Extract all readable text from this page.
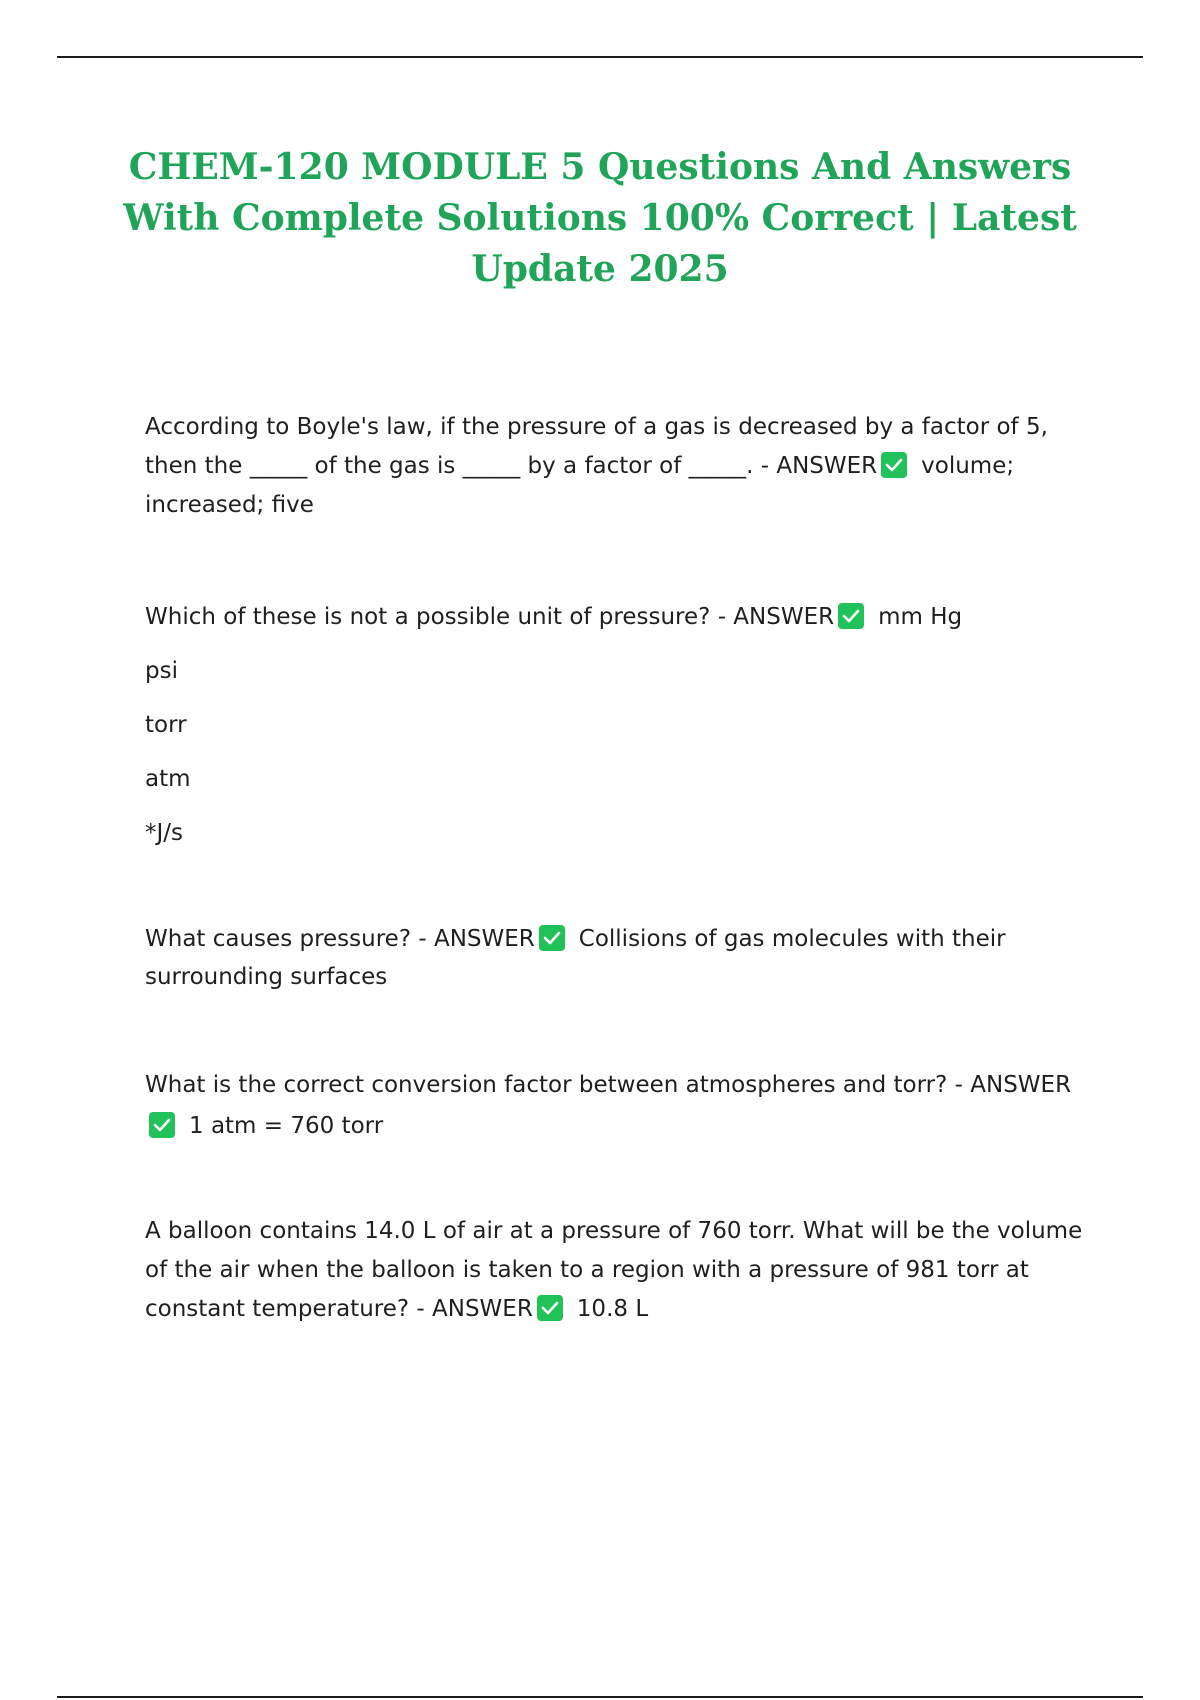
CHEM-120 MODULE 5 Questions And Answers With Complete Solutions 100% Correct | Latest Update 2025

According to Boyle's law, if the pressure of a gas is decreased by a factor of 5, then the _____ of the gas is _____ by a factor of _____. - ANSWER volume; increased; five

Which of these is not a possible unit of pressure? - ANSWER mm Hg
psi
torr
atm
*J/s

What causes pressure? - ANSWER Collisions of gas molecules with their surrounding surfaces

What is the correct conversion factor between atmospheres and torr? - ANSWER
1 atm = 760 torr

A balloon contains 14.0 L of air at a pressure of 760 torr. What will be the volume of the air when the balloon is taken to a region with a pressure of 981 torr at constant temperature? - ANSWER 10.8 L
